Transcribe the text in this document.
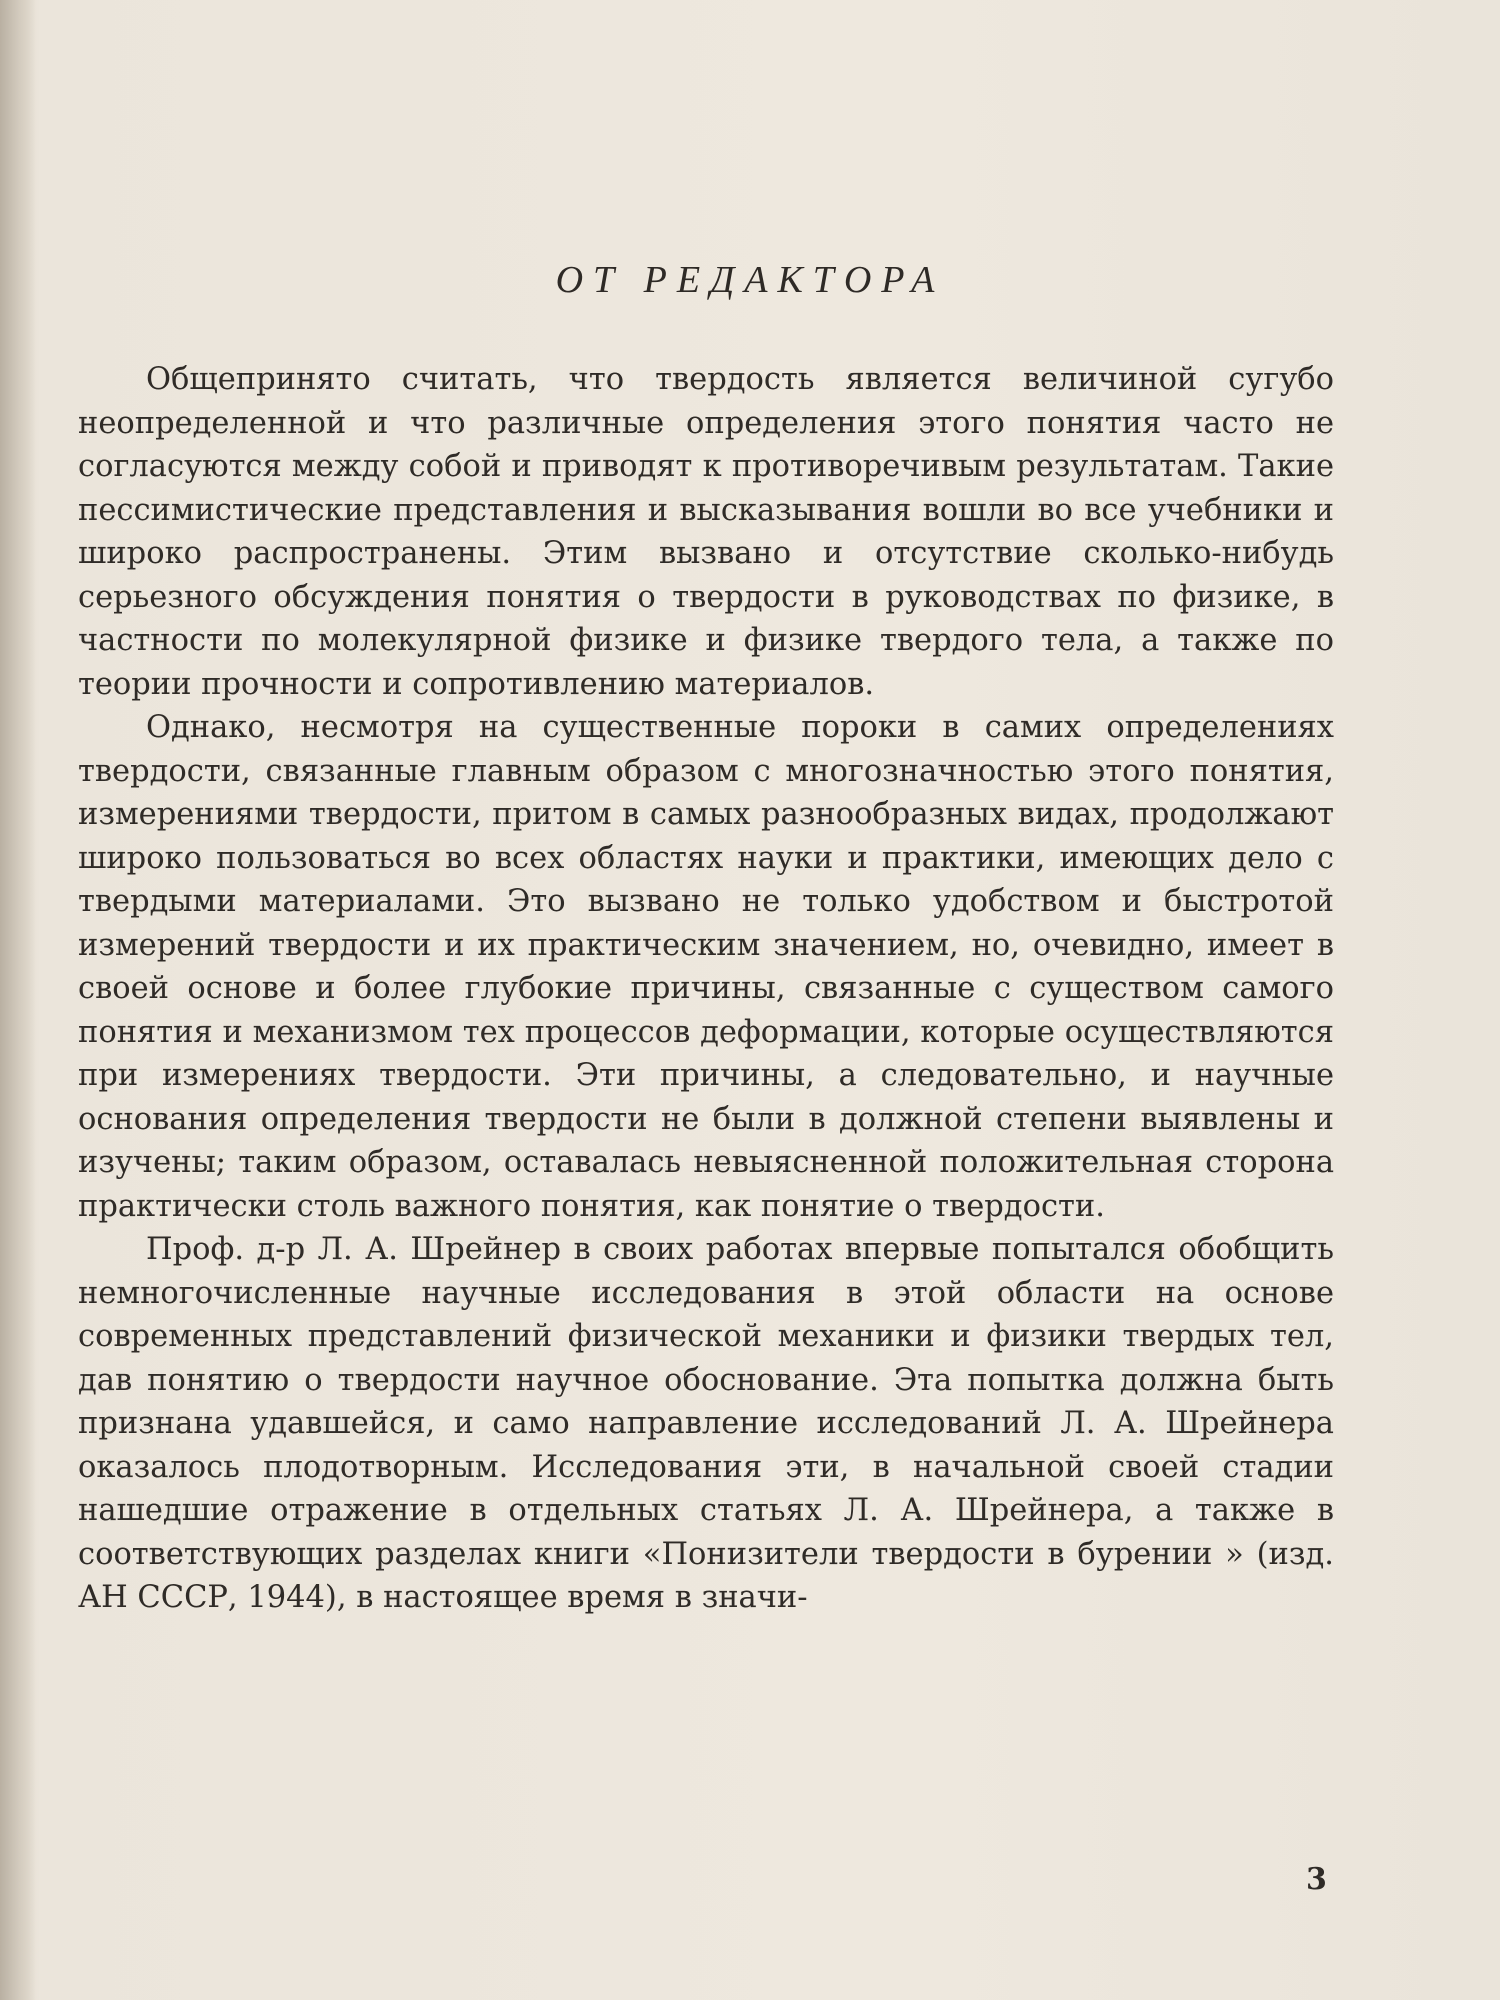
ОТ РЕДАКТОРА

Общепринято считать, что твердость является величиной сугубо неопределенной и что различные определения этого понятия часто не согласуются между собой и приводят к противоречивым результатам. Такие пессимистические представления и высказывания вошли во все учебники и широко распространены. Этим вызвано и отсутствие сколько-нибудь серьезного обсуждения понятия о твердости в руководствах по физике, в частности по молекулярной физике и физике твердого тела, а также по теории прочности и сопротивлению материалов.

Однако, несмотря на существенные пороки в самих определениях твердости, связанные главным образом с многозначностью этого понятия, измерениями твердости, притом в самых разнообразных видах, продолжают широко пользоваться во всех областях науки и практики, имеющих дело с твердыми материалами. Это вызвано не только удобством и быстротой измерений твердости и их практическим значением, но, очевидно, имеет в своей основе и более глубокие причины, связанные с существом самого понятия и механизмом тех процессов деформации, которые осуществляются при измерениях твердости. Эти причины, а следовательно, и научные основания определения твердости не были в должной степени выявлены и изучены; таким образом, оставалась невыясненной положительная сторона практически столь важного понятия, как понятие о твердости.

Проф. д-р Л. А. Шрейнер в своих работах впервые попытался обобщить немногочисленные научные исследования в этой области на основе современных представлений физической механики и физики твердых тел, дав понятию о твердости научное обоснование. Эта попытка должна быть признана удавшейся, и само направление исследований Л. А. Шрейнера оказалось плодотворным. Исследования эти, в начальной своей стадии нашедшие отражение в отдельных статьях Л. А. Шрейнера, а также в соответствующих разделах книги «Понизители твердости в бурении » (изд. АН СССР, 1944), в настоящее время в значи-

3
